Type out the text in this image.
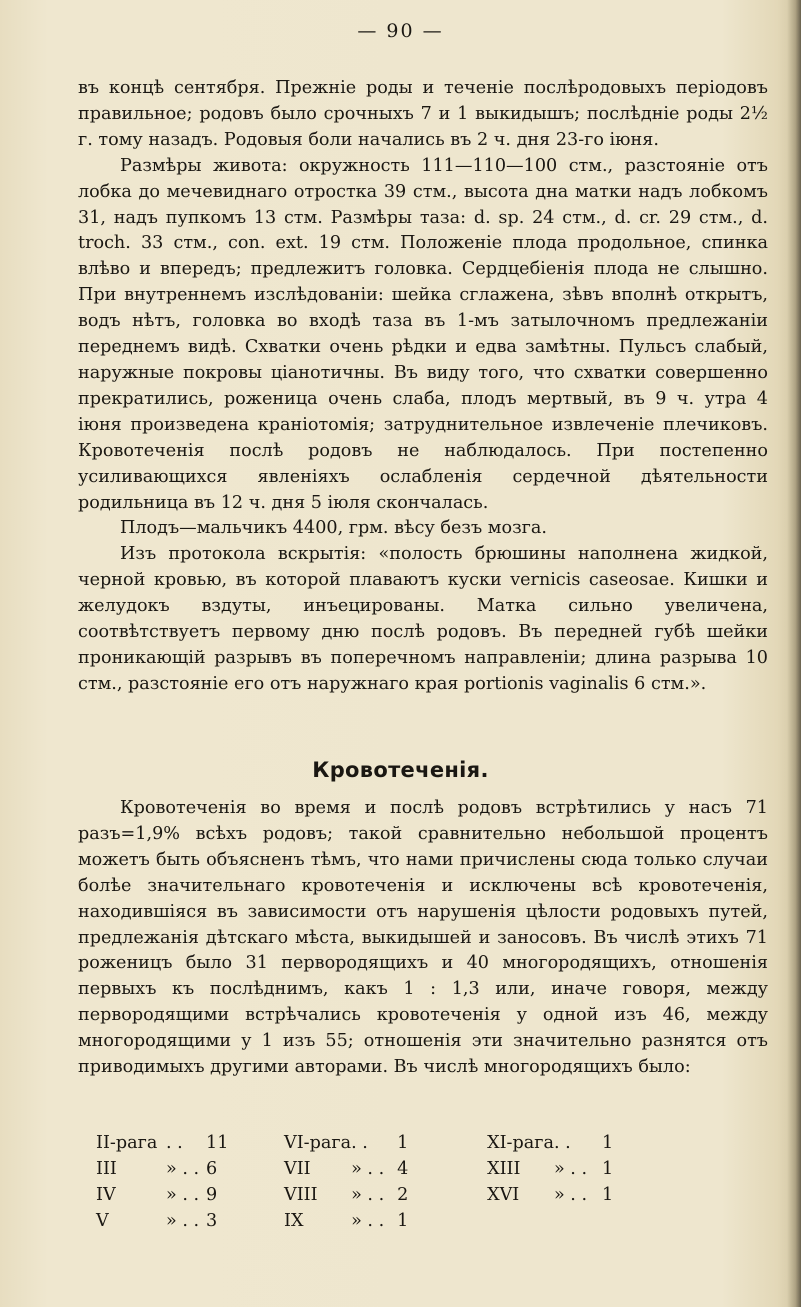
— 90 —

въ концѣ сентября. Прежніе роды и теченіе послѣродовыхъ періодовъ правильное; родовъ было срочныхъ 7 и 1 выкидышъ; послѣдніе роды 2½ г. тому назадъ. Родовыя боли начались въ 2 ч. дня 23-го іюня.

Размѣры живота: окружность 111—110—100 стм., разстояніе отъ лобка до мечевиднаго отростка 39 стм., высота дна матки надъ лобкомъ 31, надъ пупкомъ 13 стм. Размѣры таза: d. sp. 24 стм., d. cr. 29 стм., d. troch. 33 стм., con. ext. 19 стм. Положеніе плода продольное, спинка влѣво и впередъ; предлежитъ головка. Сердцебіенія плода не слышно. При внутреннемъ изслѣдованіи: шейка сглажена, зѣвъ вполнѣ открытъ, водъ нѣтъ, головка во входѣ таза въ 1-мъ затылочномъ предлежаніи переднемъ видѣ. Схватки очень рѣдки и едва замѣтны. Пульсъ слабый, наружные покровы ціанотичны. Въ виду того, что схватки совершенно прекратились, роженица очень слаба, плодъ мертвый, въ 9 ч. утра 4 іюня произведена краніотомія; затруднительное извлеченіе плечиковъ. Кровотеченія послѣ родовъ не наблюдалось. При постепенно усиливающихся явленіяхъ ослабленія сердечной дѣятельности родильница въ 12 ч. дня 5 іюля скончалась.

Плодъ—мальчикъ 4400, грм. вѣсу безъ мозга.

Изъ протокола вскрытія: «полость брюшины наполнена жидкой, черной кровью, въ которой плаваютъ куски vernicis caseosae. Кишки и желудокъ вздуты, инъецированы. Матка сильно увеличена, соотвѣтствуетъ первому дню послѣ родовъ. Въ передней губѣ шейки проникающій разрывъ въ поперечномъ направленіи; длина разрыва 10 стм., разстояніе его отъ наружнаго края portionis vaginalis 6 стм.».

Кровотеченія.

Кровотеченія во время и послѣ родовъ встрѣтились у насъ 71 разъ=1,9% всѣхъ родовъ; такой сравнительно небольшой процентъ можетъ быть объясненъ тѣмъ, что нами причислены сюда только случаи болѣе значительнаго кровотеченія и исключены всѣ кровотеченія, находившіяся въ зависимости отъ нарушенія цѣлости родовыхъ путей, предлежанія дѣтскаго мѣста, выкидышей и заносовъ. Въ числѣ этихъ 71 роженицъ было 31 первородящихъ и 40 многородящихъ, отношенія первыхъ къ послѣднимъ, какъ 1 : 1,3 или, иначе говоря, между первородящими встрѣчались кровотеченія у одной изъ 46, между многородящими у 1 изъ 55; отношенія эти значительно разнятся отъ приводимыхъ другими авторами. Въ числѣ многородящихъ было:

II-рага	. .	11	VI-рага	. .	1	XI-рага	. .	1
III	» . .	6	VII	» . .	4	XIII	» . .	1
IV	» . .	9	VIII	» . .	2	XVI	» . .	1
V	» . .	3	IX	» . .	1			
